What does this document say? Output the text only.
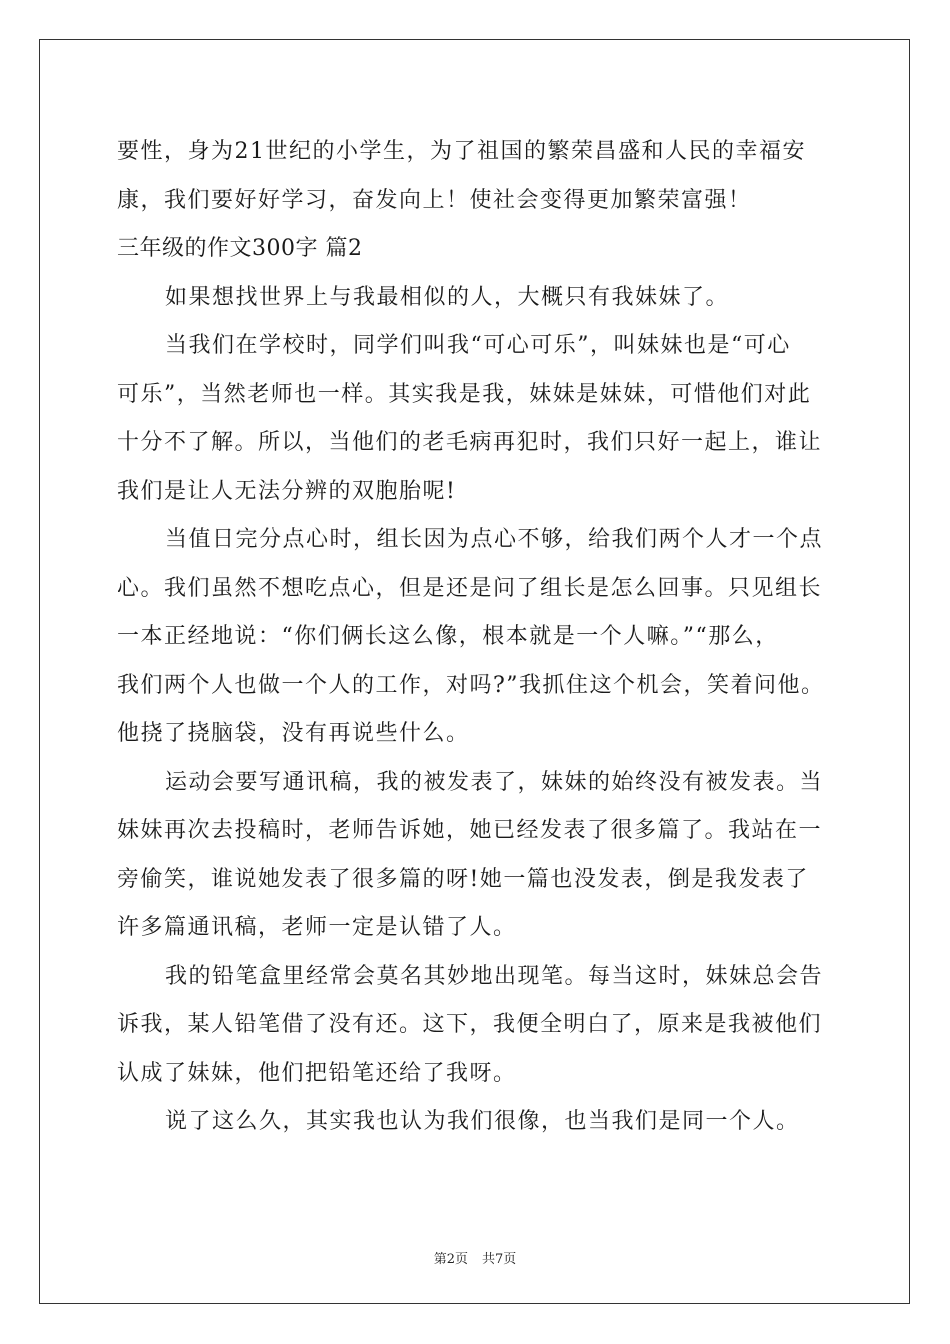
要性，身为21世纪的小学生，为了祖国的繁荣昌盛和人民的幸福安
康，我们要好好学习，奋发向上！使社会变得更加繁荣富强！
三年级的作文300字 篇2
如果想找世界上与我最相似的人，大概只有我妹妹了。
当我们在学校时，同学们叫我“可心可乐”，叫妹妹也是“可心
可乐”，当然老师也一样。其实我是我，妹妹是妹妹，可惜他们对此
十分不了解。所以，当他们的老毛病再犯时，我们只好一起上，谁让
我们是让人无法分辨的双胞胎呢!
当值日完分点心时，组长因为点心不够，给我们两个人才一个点
心。我们虽然不想吃点心，但是还是问了组长是怎么回事。只见组长
一本正经地说：“你们俩长这么像，根本就是一个人嘛。”“那么，
我们两个人也做一个人的工作，对吗?”我抓住这个机会，笑着问他。
他挠了挠脑袋，没有再说些什么。
运动会要写通讯稿，我的被发表了，妹妹的始终没有被发表。当
妹妹再次去投稿时，老师告诉她，她已经发表了很多篇了。我站在一
旁偷笑，谁说她发表了很多篇的呀!她一篇也没发表，倒是我发表了
许多篇通讯稿，老师一定是认错了人。
我的铅笔盒里经常会莫名其妙地出现笔。每当这时，妹妹总会告
诉我，某人铅笔借了没有还。这下，我便全明白了，原来是我被他们
认成了妹妹，他们把铅笔还给了我呀。
说了这么久，其实我也认为我们很像，也当我们是同一个人。
第2页 共7页
